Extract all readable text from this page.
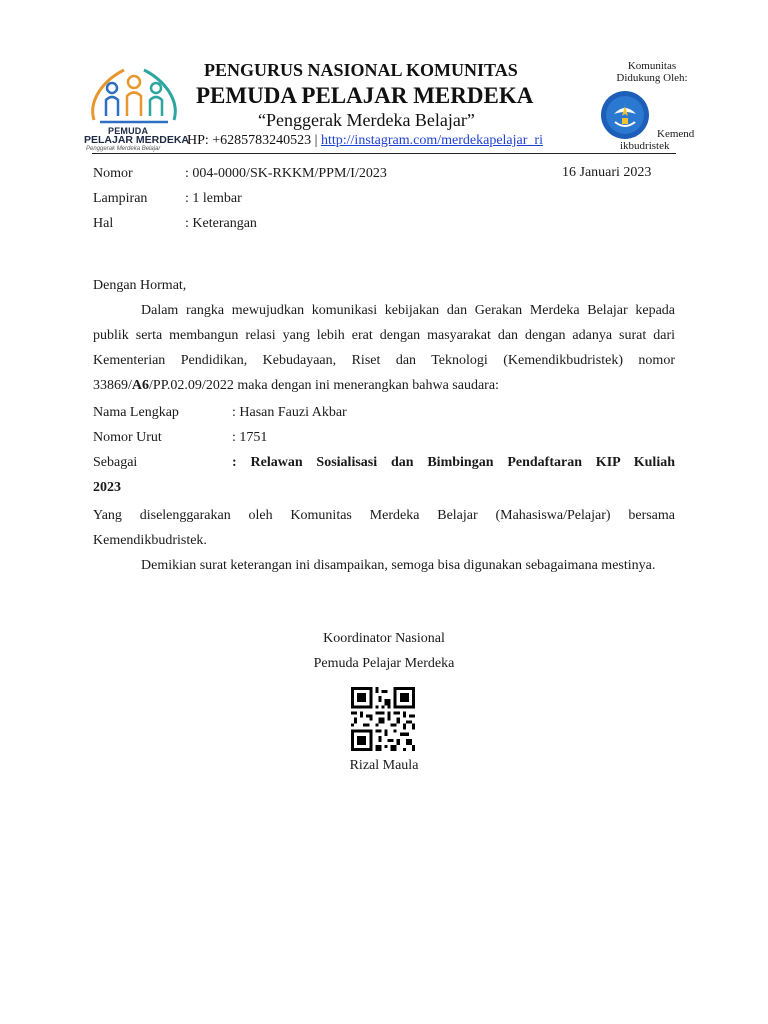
PEMUDA
PELAJAR MERDEKA
Penggerak Merdeka Belajar
PENGURUS NASIONAL KOMUNITAS
PEMUDA PELAJAR MERDEKA
“Penggerak Merdeka Belajar”
HP: +6285783240523 | http://instagram.com/merdekapelajar_ri
Komunitas Didukung Oleh:
Kemend
ikbudristek
Nomor	: 004-0000/SK-RKKM/PPM/I/2023	16 Januari 2023
Lampiran	: 1 lembar
Hal	: Keterangan
Dengan Hormat,
Dalam rangka mewujudkan komunikasi kebijakan dan Gerakan Merdeka Belajar kepada publik serta membangun relasi yang lebih erat dengan masyarakat dan dengan adanya surat dari Kementerian Pendidikan, Kebudayaan, Riset dan Teknologi (Kemendikbudristek) nomor 33869/A6/PP.02.09/2022 maka dengan ini menerangkan bahwa saudara:
Nama Lengkap	: Hasan Fauzi Akbar
Nomor Urut	: 1751
Sebagai	: Relawan Sosialisasi dan Bimbingan Pendaftaran KIP Kuliah
2023
Yang diselenggarakan oleh Komunitas Merdeka Belajar (Mahasiswa/Pelajar) bersama Kemendikbudristek.
Demikian surat keterangan ini disampaikan, semoga bisa digunakan sebagaimana mestinya.
Koordinator Nasional
Pemuda Pelajar Merdeka
Rizal Maula
